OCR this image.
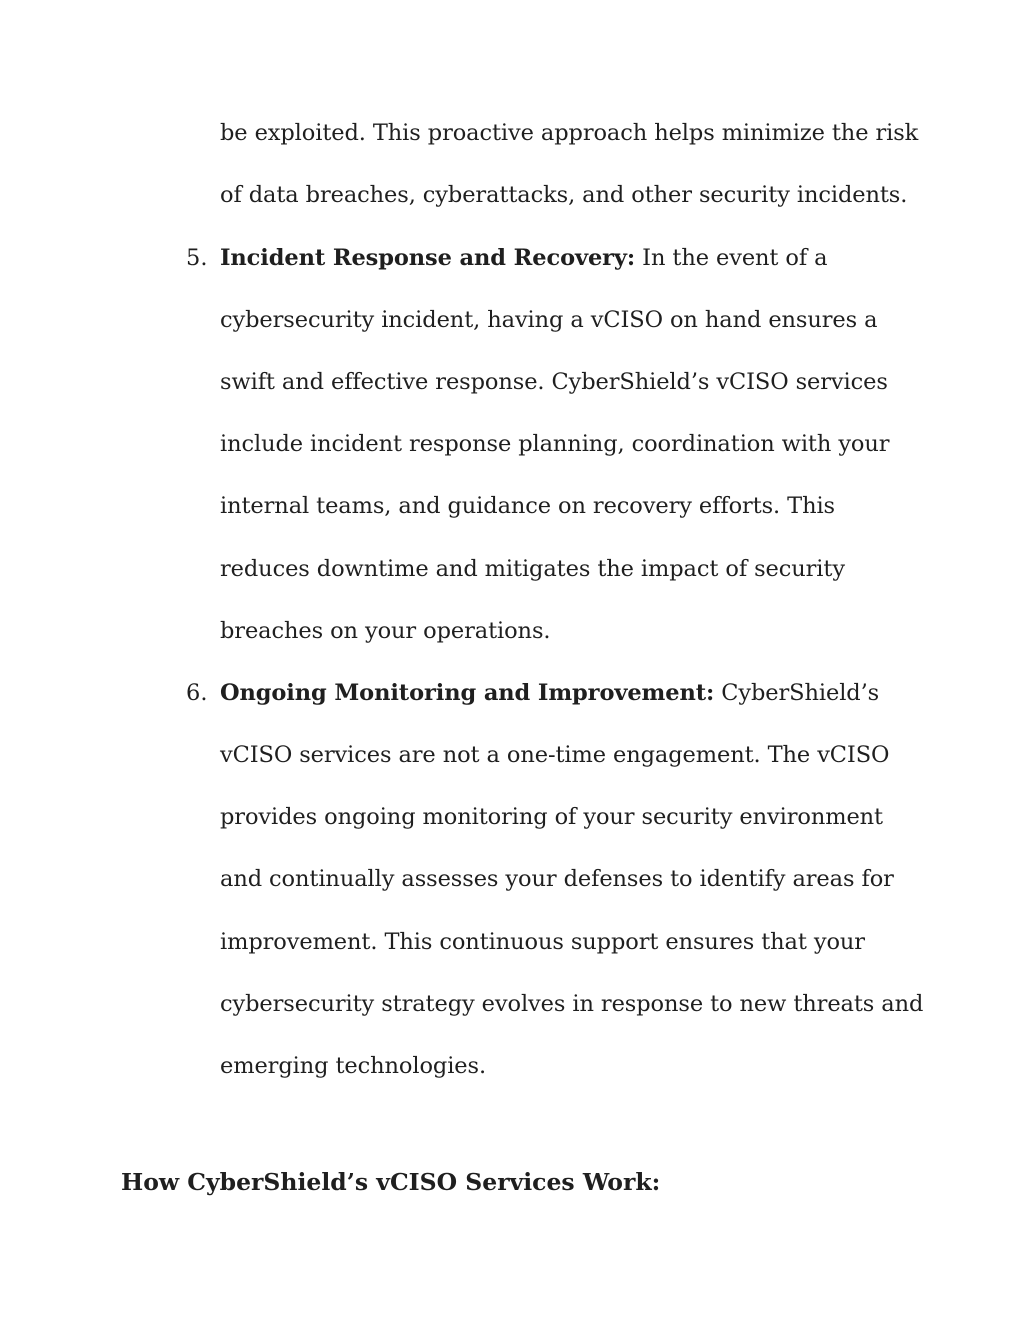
be exploited. This proactive approach helps minimize the risk
of data breaches, cyberattacks, and other security incidents.
5. Incident Response and Recovery: In the event of a
cybersecurity incident, having a vCISO on hand ensures a
swift and effective response. CyberShield’s vCISO services
include incident response planning, coordination with your
internal teams, and guidance on recovery efforts. This
reduces downtime and mitigates the impact of security
breaches on your operations.
6. Ongoing Monitoring and Improvement: CyberShield’s
vCISO services are not a one-time engagement. The vCISO
provides ongoing monitoring of your security environment
and continually assesses your defenses to identify areas for
improvement. This continuous support ensures that your
cybersecurity strategy evolves in response to new threats and
emerging technologies.
How CyberShield’s vCISO Services Work:
